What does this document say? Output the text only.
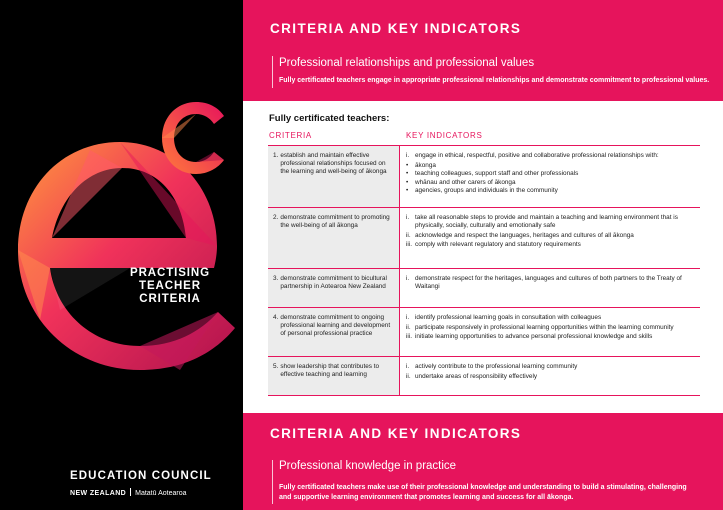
PRACTISING TEACHER CRITERIA
EDUCATION COUNCIL
NEW ZEALAND Matatū Aotearoa
CRITERIA AND KEY INDICATORS
Professional relationships and professional values
Fully certificated teachers engage in appropriate professional relationships and demonstrate commitment to professional values.
Fully certificated teachers:
CRITERIA	KEY INDICATORS
1. establish and maintain effective professional relationships focused on the learning and well-being of ākonga
i. engage in ethical, respectful, positive and collaborative professional relationships with:
•	ākonga
•	teaching colleagues, support staff and other professionals
•	whānau and other carers of ākonga
•	agencies, groups and individuals in the community
2. demonstrate commitment to promoting the well-being of all ākonga
i. take all reasonable steps to provide and maintain a teaching and learning environment that is physically, socially, culturally and emotionally safe
ii. acknowledge and respect the languages, heritages and cultures of all ākonga
iii. comply with relevant regulatory and statutory requirements
3. demonstrate commitment to bicultural partnership in Aotearoa New Zealand
i. demonstrate respect for the heritages, languages and cultures of both partners to the Treaty of Waitangi
4. demonstrate commitment to ongoing professional learning and development of personal professional practice
i. identify professional learning goals in consultation with colleagues
ii. participate responsively in professional learning opportunities within the learning community
iii. initiate learning opportunities to advance personal professional knowledge and skills
5. show leadership that contributes to effective teaching and learning
i. actively contribute to the professional learning community
ii. undertake areas of responsibility effectively
CRITERIA AND KEY INDICATORS
Professional knowledge in practice
Fully certificated teachers make use of their professional knowledge and understanding to build a stimulating, challenging and supportive learning environment that promotes learning and success for all ākonga.
